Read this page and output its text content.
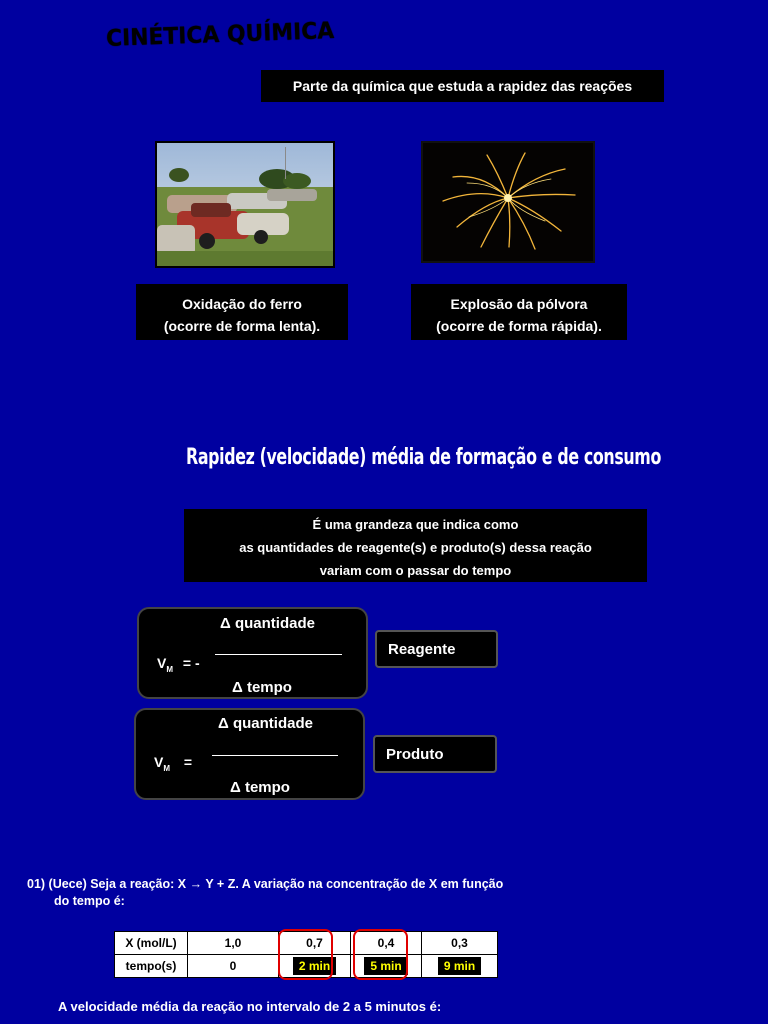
CINÉTICA QUÍMICA
Parte da química que estuda a rapidez das reações
Oxidação do ferro
(ocorre de forma lenta).
Explosão da pólvora
(ocorre de forma rápida).
Rapidez (velocidade) média de formação e de consumo
É uma grandeza que indica como
as quantidades de reagente(s) e produto(s) dessa reação
variam com o passar do tempo
Δ quantidade
Δ tempo
$V_M$ = -
Reagente
Δ quantidade
Δ tempo
$V_M$ =	Produto
01) (Uece) Seja a reação: X → Y + Z. A variação na concentração de X em função
do tempo é:
X (mol/L)	1,0	0,7	0,4	0,3
tempo(s)	0	2 min	5 min	9 min
A velocidade média da reação no intervalo de 2 a 5 minutos é:
